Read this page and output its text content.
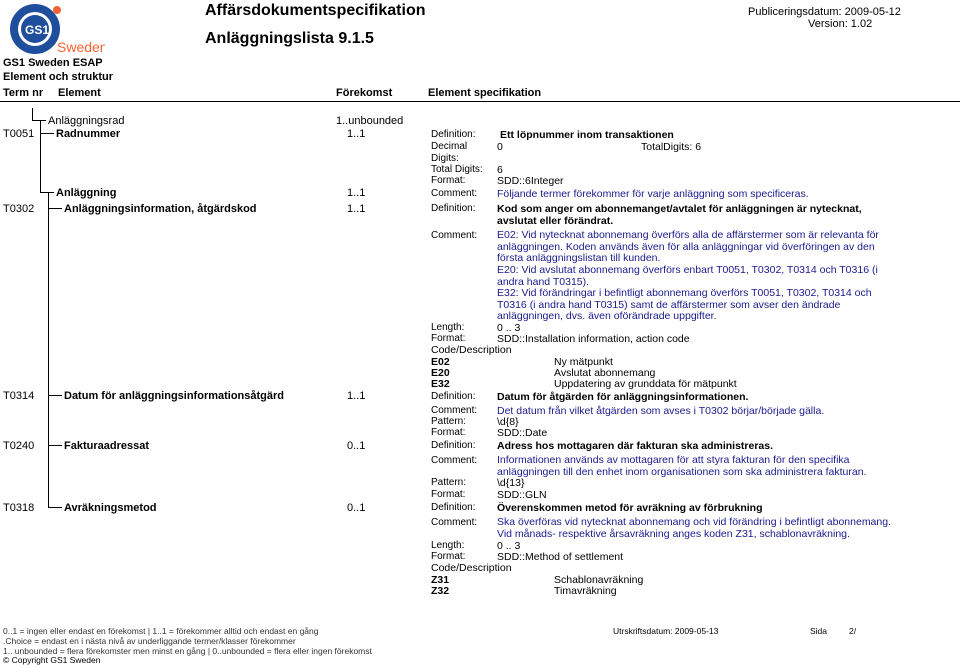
GS1
Sweden
Affärsdokumentspecifikation
Anläggningslista 9.1.5
Publiceringsdatum: 2009-05-12
Version: 1.02
GS1 Sweden ESAP
Element och struktur
Term nr Element	Förekomst	Element specifikation
Anläggningsrad	1..unbounded
T0051 Radnummer	1..1	Definition: Ett löpnummer inom transaktionen
Decimal	0	TotalDigits: 6
Digits:
Total Digits: 6
Format:	SDD::6Integer
Anläggning	1..1	Comment: Följande termer förekommer för varje anläggning som specificeras.
T0302	Anläggningsinformation, åtgärdskod	1..1	Definition: Kod som anger om abonnemanget/avtalet för anläggningen är nytecknat, avslutat eller förändrat.
Comment: E02: Vid nytecknat abonnemang överförs alla de affärstermer som är relevanta för anläggningen. Koden används även för alla anläggningar vid överföringen av den första anläggningslistan till kunden.
E20: Vid avslutat abonnemang överförs enbart T0051, T0302, T0314 och T0316 (i andra hand T0315).
E32: Vid förändringar i befintligt abonnemang överförs T0051, T0302, T0314 och T0316 (i andra hand T0315) samt de affärstermer som avser den ändrade anläggningen, dvs. även oförändrade uppgifter.
Length:	0 .. 3
Format:	SDD::Installation information, action code
Code/Description
E02	Ny mätpunkt
E20	Avslutat abonnemang
E32	Uppdatering av grunddata för mätpunkt
T0314	Datum för anläggningsinformationsåtgärd	1..1	Definition: Datum för åtgärden för anläggningsinformationen.
Comment: Det datum från vilket åtgärden som avses i T0302 börjar/började gälla.
Pattern:	\d{8}
Format:	SDD::Date
T0240	Fakturaadressat	0..1	Definition: Adress hos mottagaren där fakturan ska administreras.
Comment: Informationen används av mottagaren för att styra fakturan för den specifika anläggningen till den enhet inom organisationen som ska administrera fakturan.
Pattern:	\d{13}
Format:	SDD::GLN
T0318	Avräkningsmetod	0..1	Definition: Överenskommen metod för avräkning av förbrukning
Comment: Ska överföras vid nytecknat abonnemang och vid förändring i befintligt abonnemang. Vid månads- respektive årsavräkning anges koden Z31, schablonavräkning.
Length:	0 .. 3
Format:	SDD::Method of settlement
Code/Description
Z31	Schablonavräkning
Z32	Timavräkning
0..1 = ingen eller endast en förekomst | 1..1 = förekommer alltid och endast en gång
.Choice = endast en i nästa nivå av underliggande termer/klasser förekommer
1.. unbounded = flera förekomster men minst en gång | 0..unbounded = flera eller ingen förekomst
© Copyright GS1 Sweden
Utrskriftsdatum: 2009-05-13	Sida	2/
